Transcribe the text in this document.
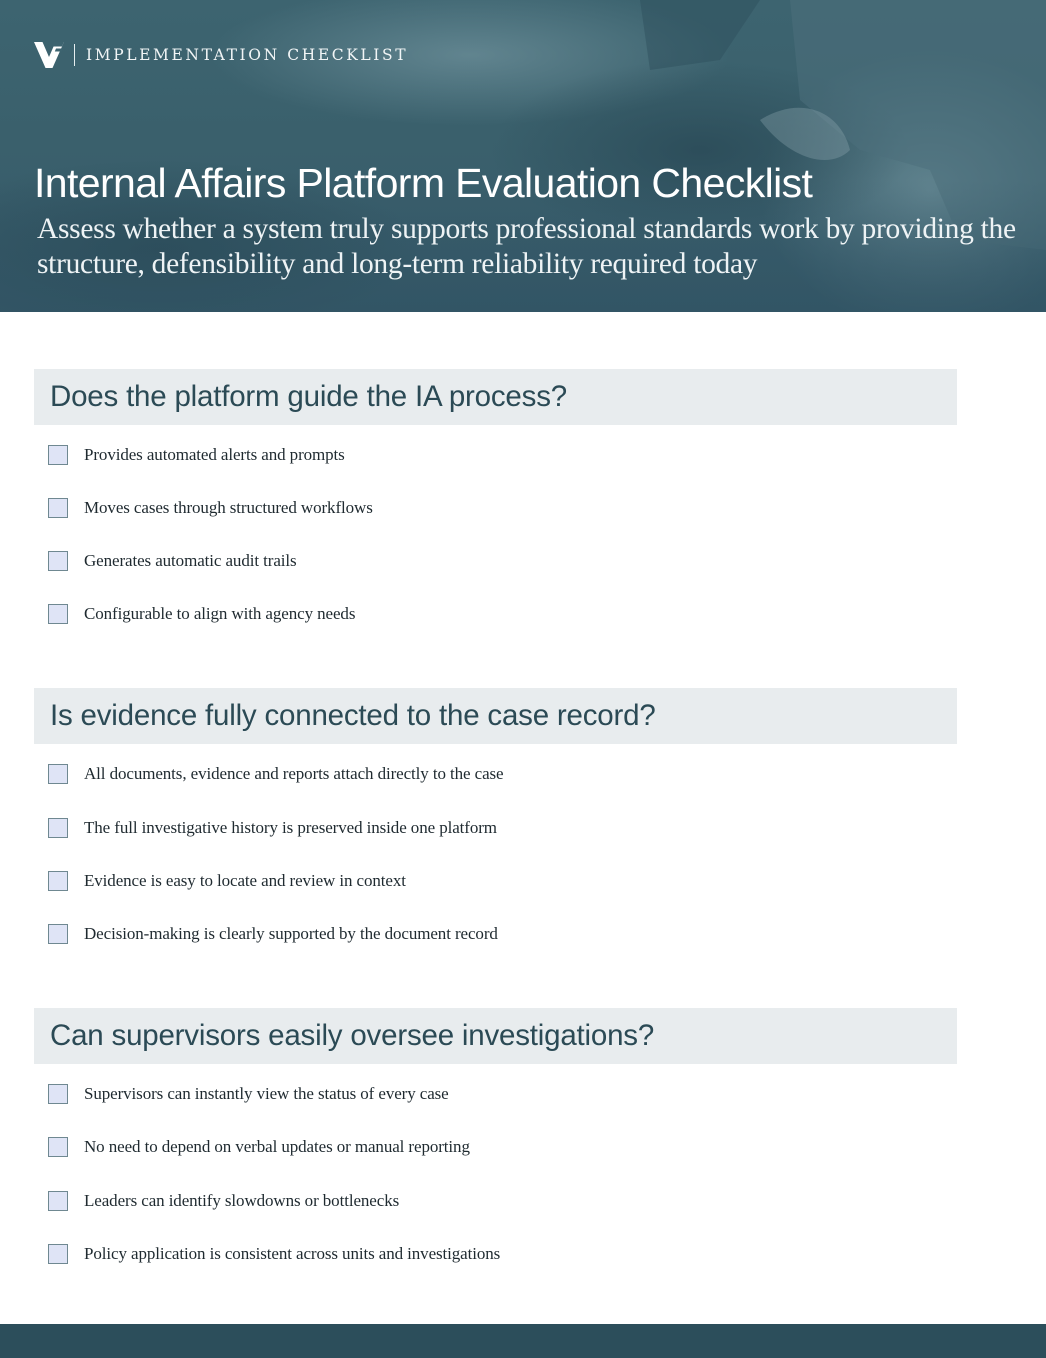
IMPLEMENTATION CHECKLIST
Internal Affairs Platform Evaluation Checklist

Assess whether a system truly supports professional standards work by providing the structure, defensibility and long-term reliability required today

Does the platform guide the IA process?
Provides automated alerts and prompts
Moves cases through structured workflows
Generates automatic audit trails
Configurable to align with agency needs
Is evidence fully connected to the case record?
All documents, evidence and reports attach directly to the case
The full investigative history is preserved inside one platform
Evidence is easy to locate and review in context
Decision-making is clearly supported by the document record
Can supervisors easily oversee investigations?
Supervisors can instantly view the status of every case
No need to depend on verbal updates or manual reporting
Leaders can identify slowdowns or bottlenecks
Policy application is consistent across units and investigations
